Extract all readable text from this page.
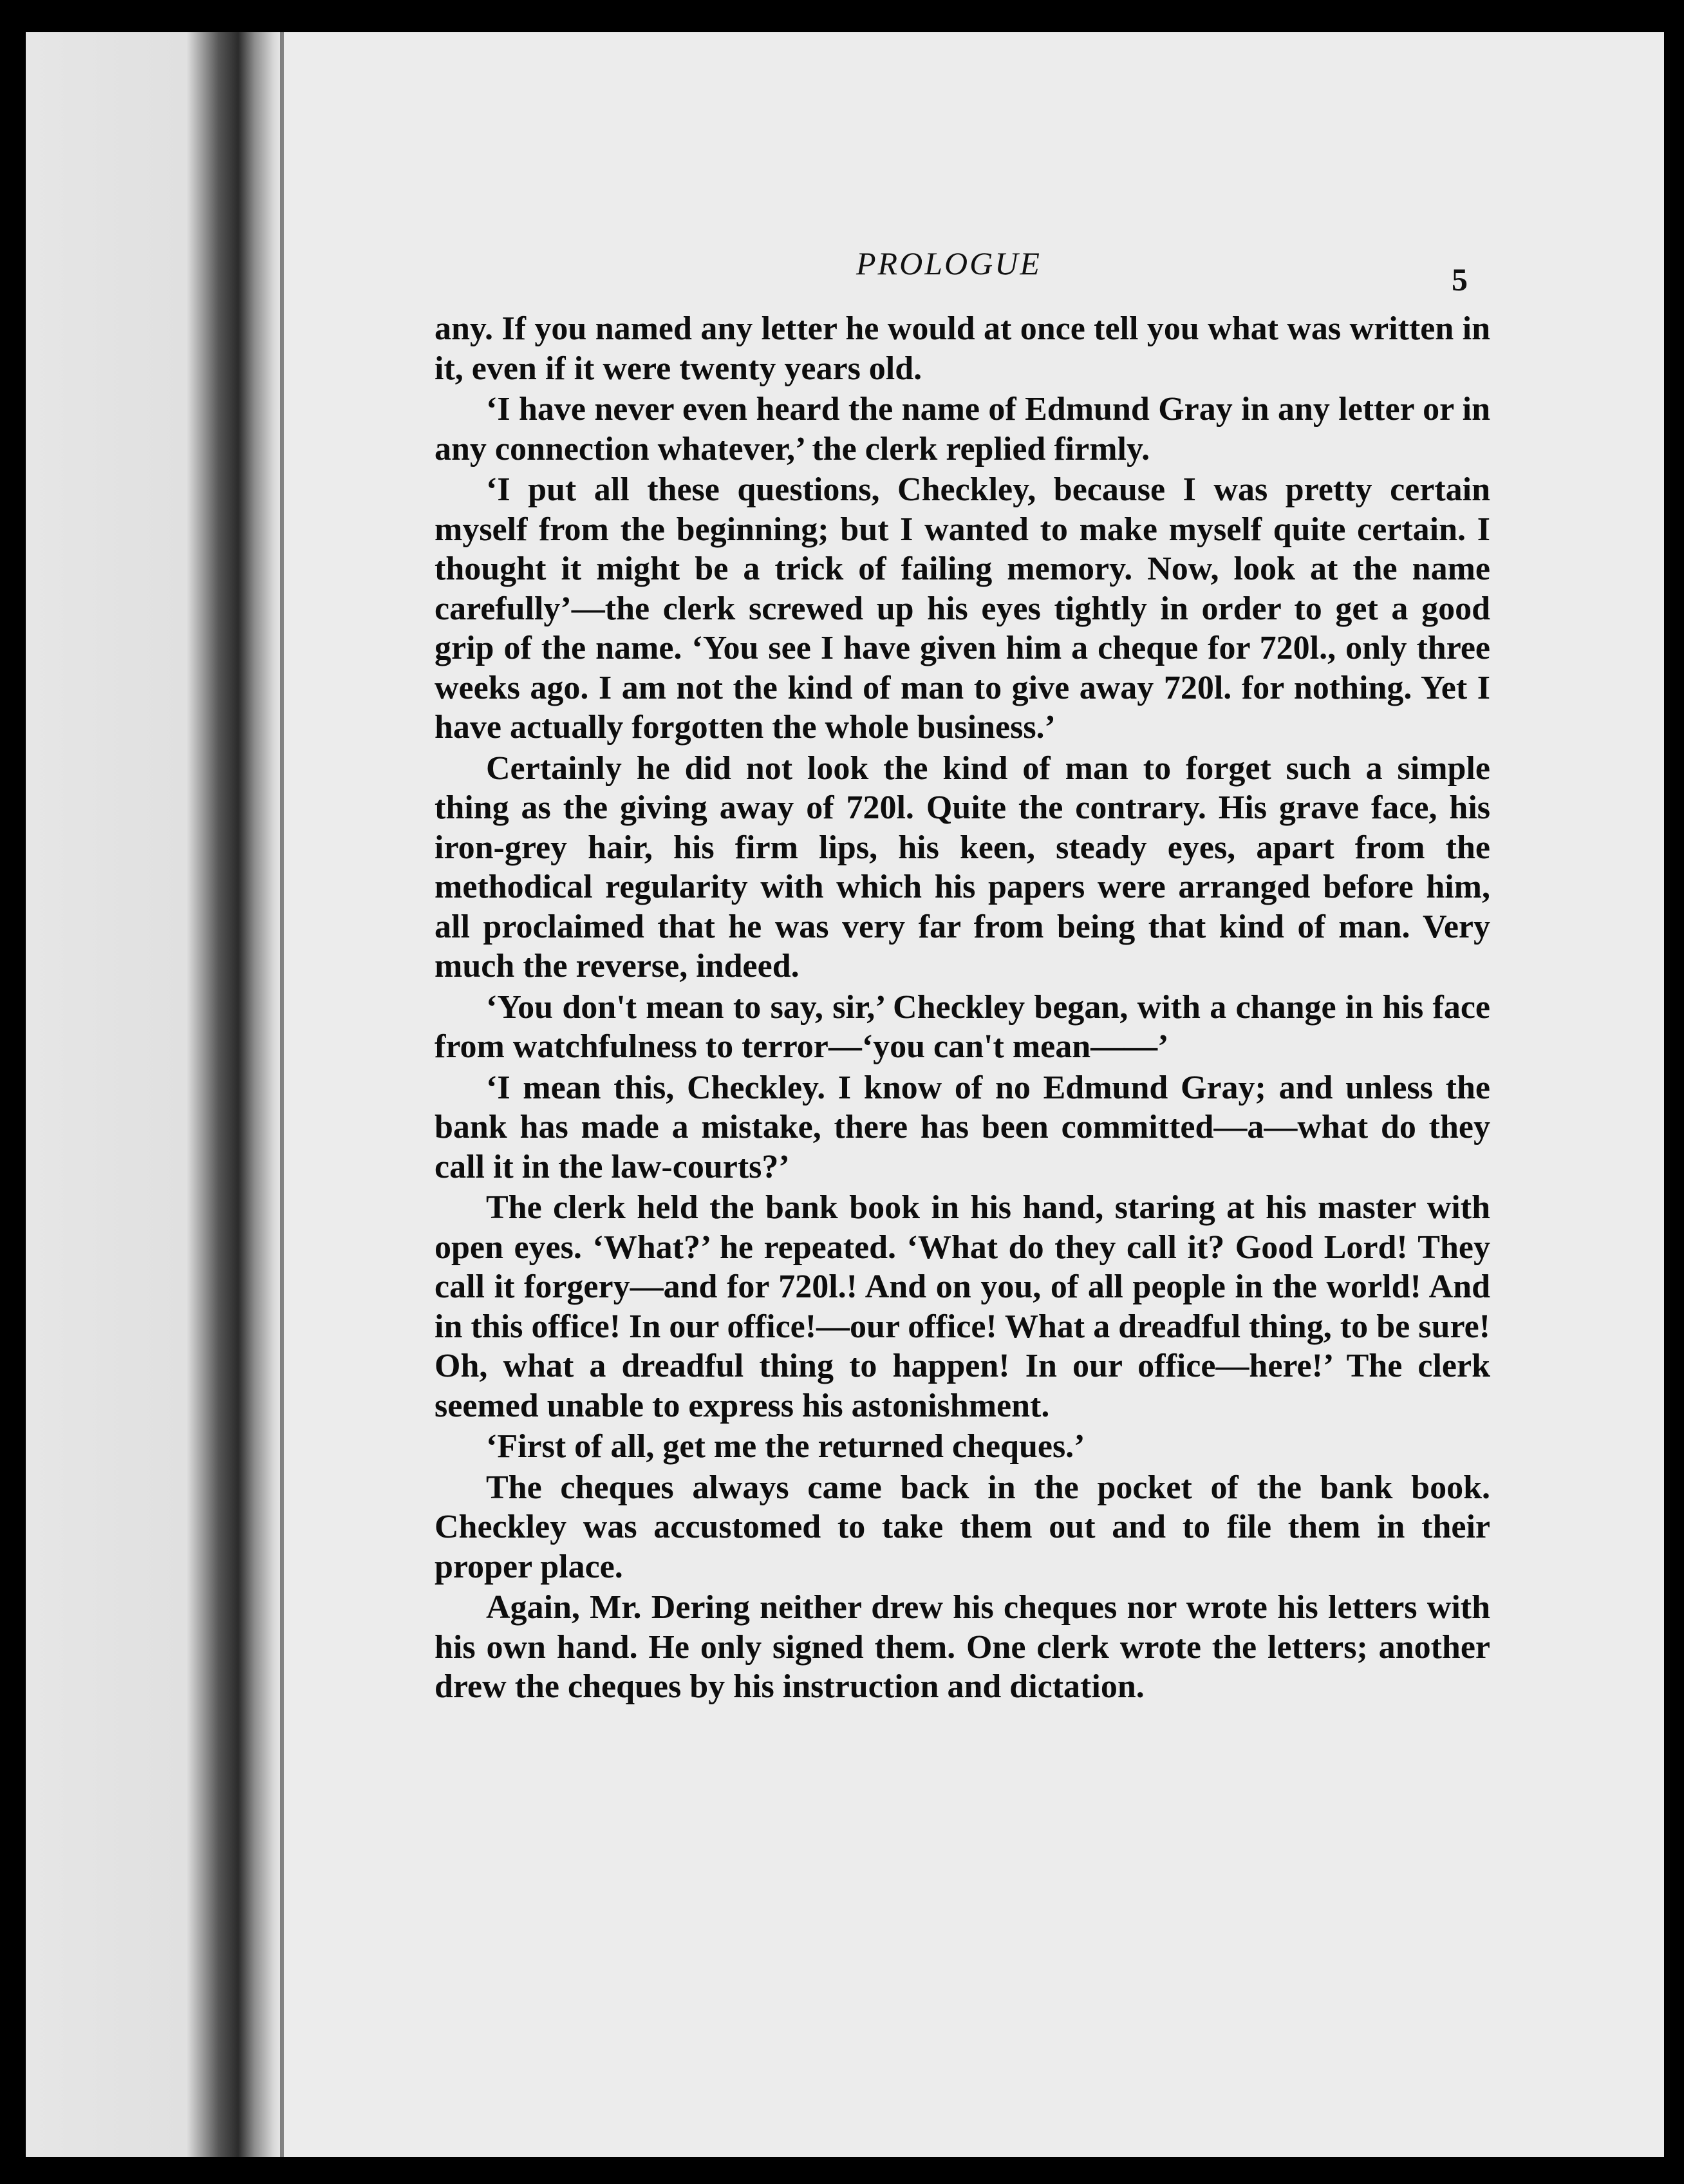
PROLOGUE	5

any. If you named any letter he would at once tell you what was written in it, even if it were twenty years old.

‘I have never even heard the name of Edmund Gray in any letter or in any connection whatever,’ the clerk replied firmly.

‘I put all these questions, Checkley, because I was pretty certain myself from the beginning; but I wanted to make myself quite certain. I thought it might be a trick of failing memory. Now, look at the name carefully’—the clerk screwed up his eyes tightly in order to get a good grip of the name. ‘You see I have given him a cheque for 720l., only three weeks ago. I am not the kind of man to give away 720l. for nothing. Yet I have actually forgotten the whole business.’

Certainly he did not look the kind of man to forget such a simple thing as the giving away of 720l. Quite the contrary. His grave face, his iron-grey hair, his firm lips, his keen, steady eyes, apart from the methodical regularity with which his papers were arranged before him, all proclaimed that he was very far from being that kind of man. Very much the reverse, indeed.

‘You don't mean to say, sir,’ Checkley began, with a change in his face from watchfulness to terror—‘you can't mean——’

‘I mean this, Checkley. I know of no Edmund Gray; and unless the bank has made a mistake, there has been committed—a—what do they call it in the law-courts?’

The clerk held the bank book in his hand, staring at his master with open eyes. ‘What?’ he repeated. ‘What do they call it? Good Lord! They call it forgery—and for 720l.! And on you, of all people in the world! And in this office! In our office!—our office! What a dreadful thing, to be sure! Oh, what a dreadful thing to happen! In our office—here!’ The clerk seemed unable to express his astonishment.

‘First of all, get me the returned cheques.’

The cheques always came back in the pocket of the bank book. Checkley was accustomed to take them out and to file them in their proper place.

Again, Mr. Dering neither drew his cheques nor wrote his letters with his own hand. He only signed them. One clerk wrote the letters; another drew the cheques by his instruction and dictation.
